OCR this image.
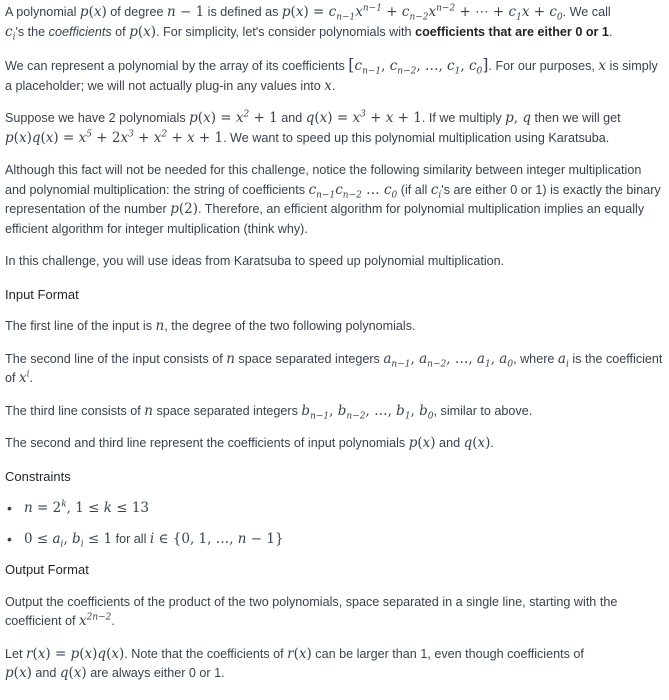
A polynomial p(x) of degree n − 1 is defined as $p(x) = c_{n-1}x^{n-1} + c_{n-2}x^{n-2}$ + ⋯ + $c_1x + c_0$. We call
$c_i's$ the coefficients of p(x). For simplicity, let's consider polynomials with coefficients that are either 0 or 1.

We can represent a polynomial by the array of its coefficients [$c_{n-1}$, $c_{n-2}$, …, $c_1$, $c_0$]. For our purposes, x is simply a placeholder; we will not actually plug-in any values into x.

Suppose we have 2 polynomials $p(x) = x^2 + 1$ and $q(x) = x^3 + x + 1$. If we multiply p, q then we will get
$p(x)q(x) = x^5 + 2x^3 + x^2 + x + 1$. We want to speed up this polynomial multiplication using Karatsuba.

Although this fact will not be needed for this challenge, notice the following similarity between integer multiplication and polynomial multiplication: the string of coefficients $c_{n-1}c_{n-2}$ … $c_0$ (if all $c_i's$ are either 0 or 1) is exactly the binary representation of the number p(2). Therefore, an efficient algorithm for polynomial multiplication implies an equally efficient algorithm for integer multiplication (think why).

In this challenge, you will use ideas from Karatsuba to speed up polynomial multiplication.

Input Format

The first line of the input is n, the degree of the two following polynomials.

The second line of the input consists of n space separated integers $a_{n-1}$, $a_{n-2}$, …, $a_1$, $a_0$, where $a_i$ is the coefficient of $x^i$.

The third line consists of n space separated integers $b_{n-1}$, $b_{n-2}$, …, $b_1$, $b_0$, similar to above.

The second and third line represent the coefficients of input polynomials p(x) and q(x).

Constraints
• $n = 2^k$, 1 ≤ k ≤ 13
• $0 \le a_i$, $b_i \le 1$ for all i ∈ {0, 1, …, n − 1}
Output Format

Output the coefficients of the product of the two polynomials, space separated in a single line, starting with the coefficient of $x^{2n-2}$.

Let r(x) = p(x)q(x). Note that the coefficients of r(x) can be larger than 1, even though coefficients of
p(x) and q(x) are always either 0 or 1.
